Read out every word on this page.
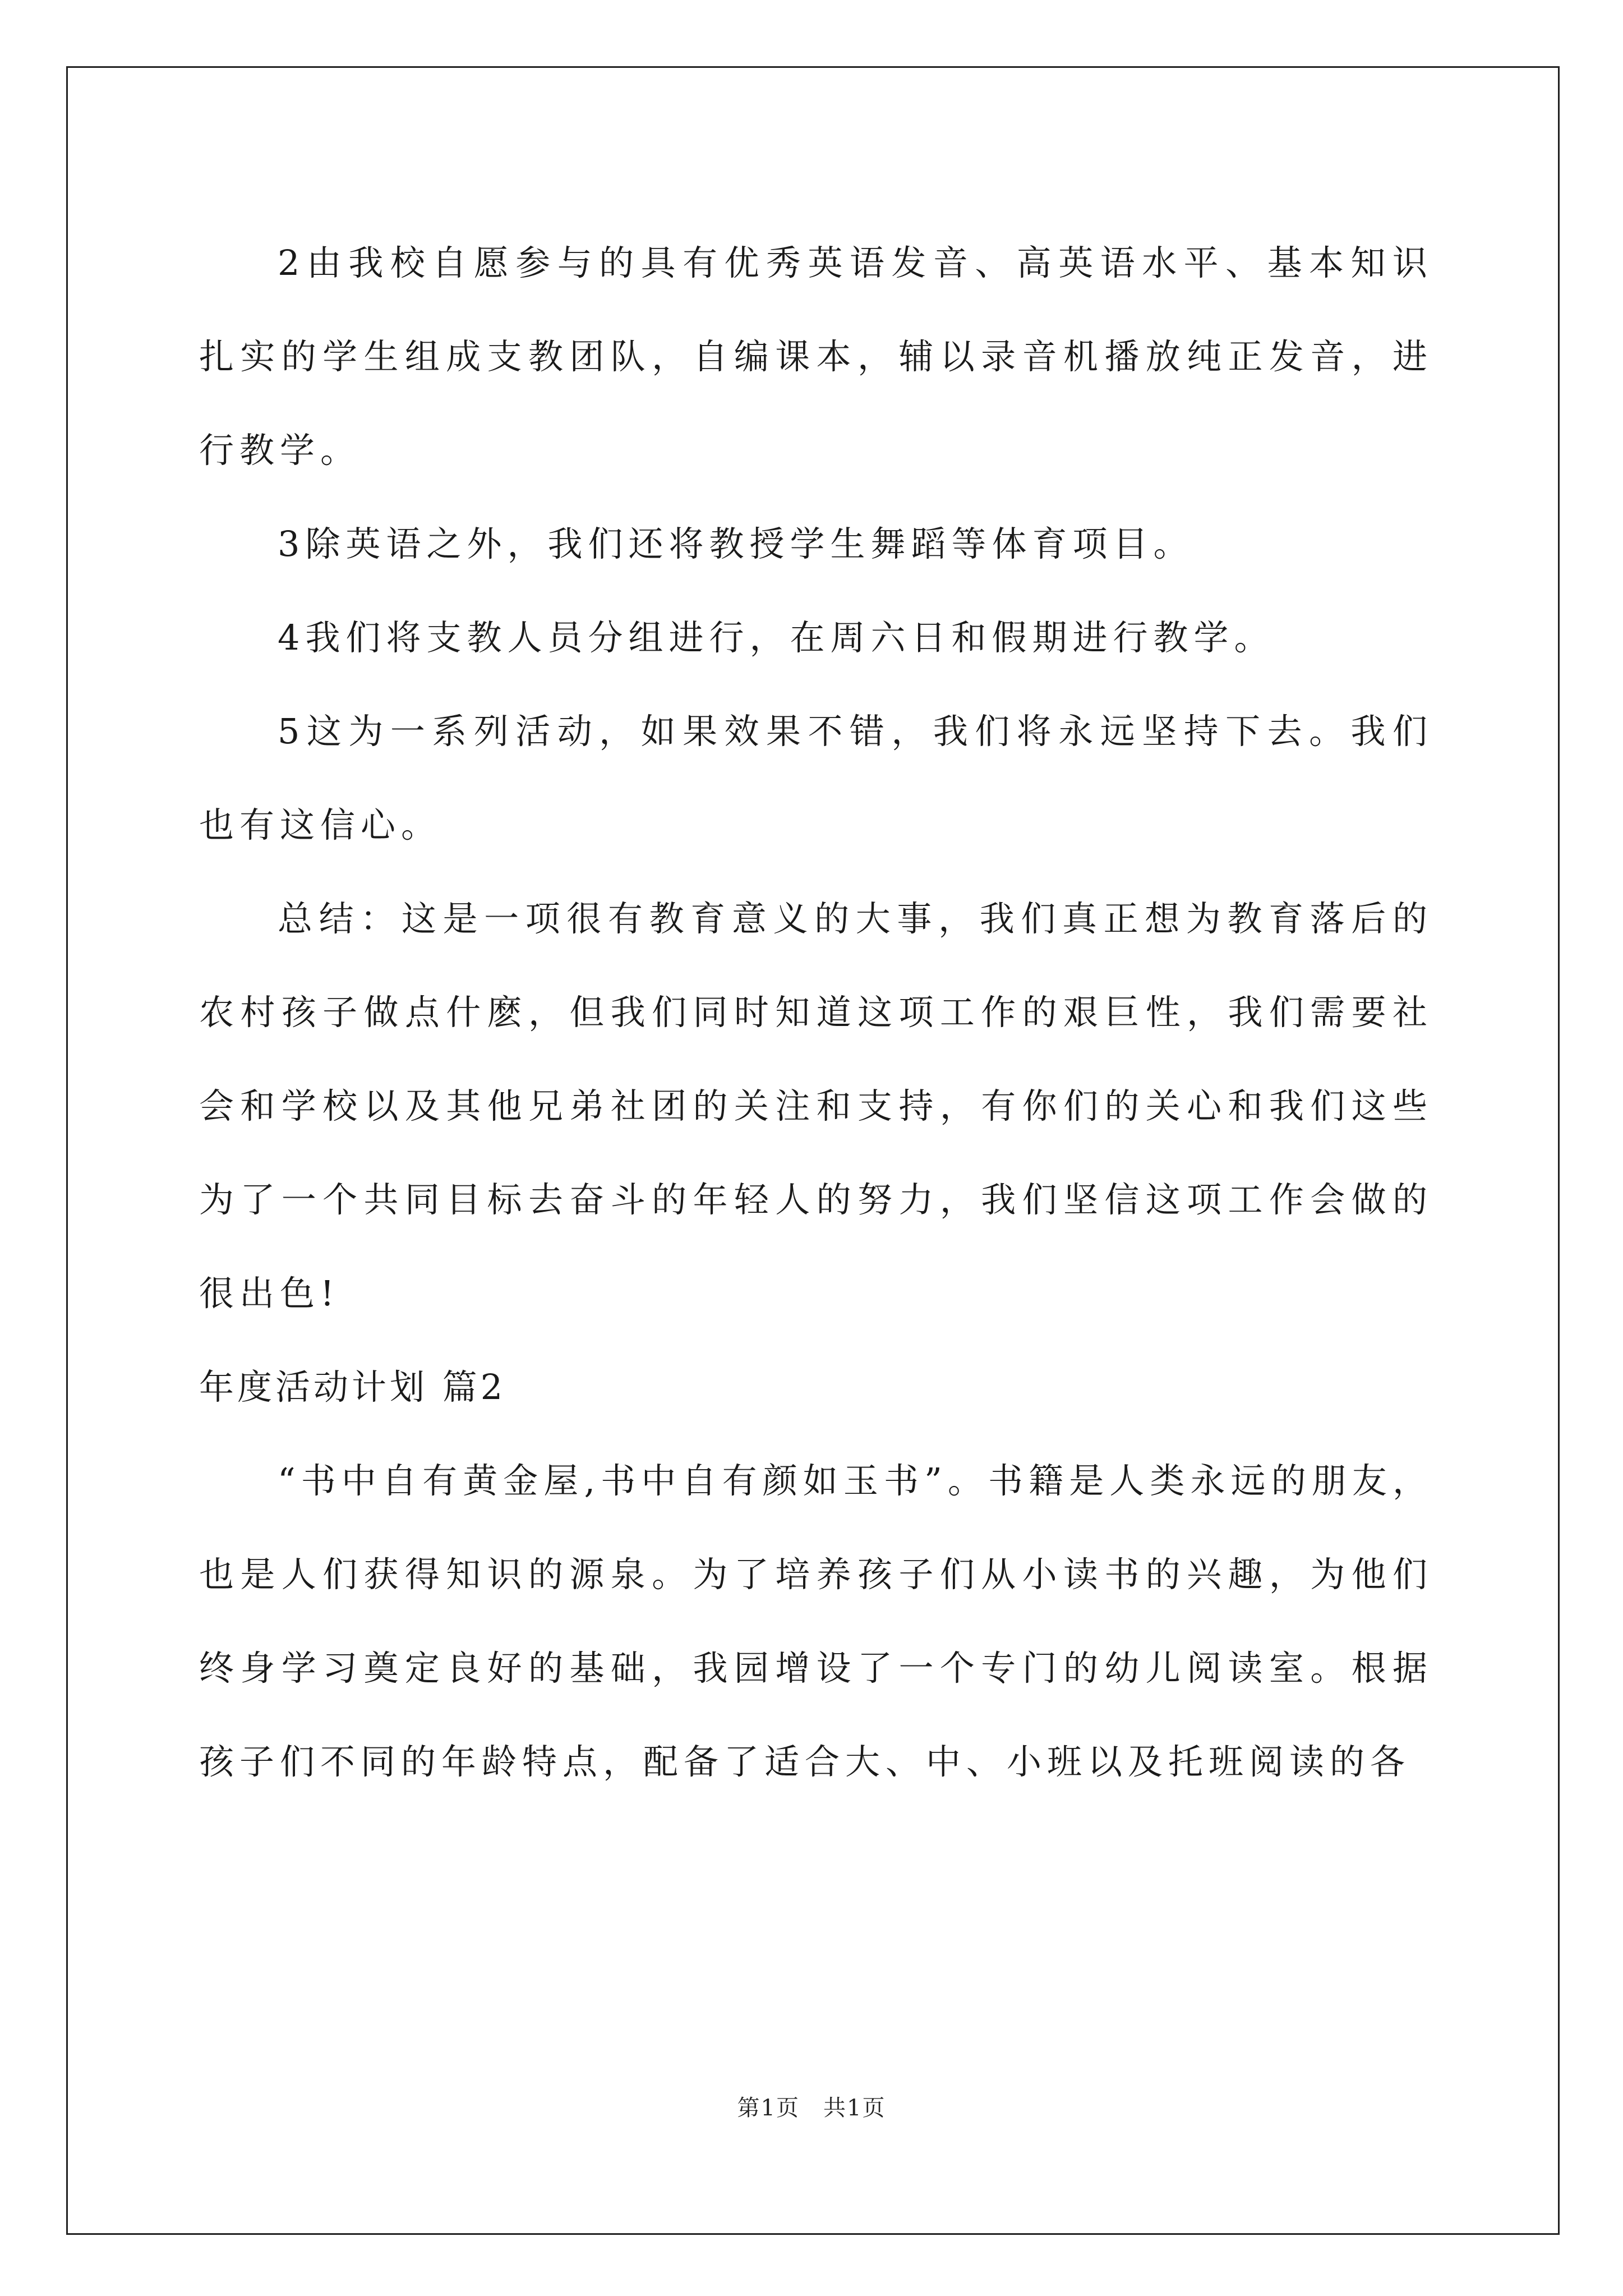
2由我校自愿参与的具有优秀英语发音、高英语水平、基本知识扎实的学生组成支教团队，自编课本，辅以录音机播放纯正发音，进行教学。

3除英语之外，我们还将教授学生舞蹈等体育项目。

4我们将支教人员分组进行，在周六日和假期进行教学。

5这为一系列活动，如果效果不错，我们将永远坚持下去。我们也有这信心。

总结：这是一项很有教育意义的大事，我们真正想为教育落后的农村孩子做点什麽，但我们同时知道这项工作的艰巨性，我们需要社会和学校以及其他兄弟社团的关注和支持，有你们的关心和我们这些为了一个共同目标去奋斗的年轻人的努力，我们坚信这项工作会做的很出色!

年度活动计划 篇2

“书中自有黄金屋,书中自有颜如玉书”。书籍是人类永远的朋友，也是人们获得知识的源泉。为了培养孩子们从小读书的兴趣，为他们终身学习奠定良好的基础，我园增设了一个专门的幼儿阅读室。根据孩子们不同的年龄特点，配备了适合大、中、小班以及托班阅读的各

第1页　共1页
